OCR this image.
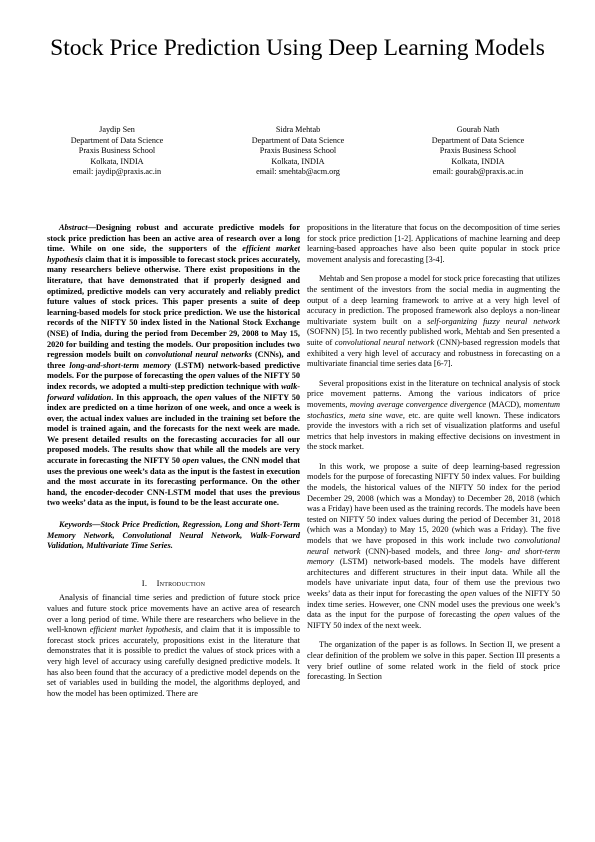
Stock Price Prediction Using Deep Learning Models
Jaydip Sen
Department of Data Science
Praxis Business School
Kolkata, INDIA
email: jaydip@praxis.ac.in
Sidra Mehtab
Department of Data Science
Praxis Business School
Kolkata, INDIA
email: smehtab@acm.org
Gourab Nath
Department of Data Science
Praxis Business School
Kolkata, INDIA
email: gourab@praxis.ac.in

Abstract—Designing robust and accurate predictive models for stock price prediction has been an active area of research over a long time. While on one side, the supporters of the efficient market hypothesis claim that it is impossible to forecast stock prices accurately, many researchers believe otherwise. There exist propositions in the literature, that have demonstrated that if properly designed and optimized, predictive models can very accurately and reliably predict future values of stock prices. This paper presents a suite of deep learning-based models for stock price prediction. We use the historical records of the NIFTY 50 index listed in the National Stock Exchange (NSE) of India, during the period from December 29, 2008 to May 15, 2020 for building and testing the models. Our proposition includes two regression models built on convolutional neural networks (CNNs), and three long-and-short-term memory (LSTM) network-based predictive models. For the purpose of forecasting the open values of the NIFTY 50 index records, we adopted a multi-step prediction technique with walk-forward validation. In this approach, the open values of the NIFTY 50 index are predicted on a time horizon of one week, and once a week is over, the actual index values are included in the training set before the model is trained again, and the forecasts for the next week are made. We present detailed results on the forecasting accuracies for all our proposed models. The results show that while all the models are very accurate in forecasting the NIFTY 50 open values, the CNN model that uses the previous one week’s data as the input is the fastest in execution and the most accurate in its forecasting performance. On the other hand, the encoder-decoder CNN-LSTM model that uses the previous two weeks’ data as the input, is found to be the least accurate one.

Keywords—Stock Price Prediction, Regression, Long and Short-Term Memory Network, Convolutional Neural Network, Walk-Forward Validation, Multivariate Time Series.

I. Introduction

Analysis of financial time series and prediction of future stock price values and future stock price movements have an active area of research over a long period of time. While there are researchers who believe in the well-known efficient market hypothesis, and claim that it is impossible to forecast stock prices accurately, propositions exist in the literature that demonstrates that it is possible to predict the values of stock prices with a very high level of accuracy using carefully designed predictive models. It has also been found that the accuracy of a predictive model depends on the set of variables used in building the model, the algorithms deployed, and how the model has been optimized. There are

propositions in the literature that focus on the decomposition of time series for stock price prediction [1-2]. Applications of machine learning and deep learning-based approaches have also been quite popular in stock price movement analysis and forecasting [3-4].

Mehtab and Sen propose a model for stock price forecasting that utilizes the sentiment of the investors from the social media in augmenting the output of a deep learning framework to arrive at a very high level of accuracy in prediction. The proposed framework also deploys a non-linear multivariate system built on a self-organizing fuzzy neural network (SOFNN) [5]. In two recently published work, Mehtab and Sen presented a suite of convolutional neural network (CNN)-based regression models that exhibited a very high level of accuracy and robustness in forecasting on a multivariate financial time series data [6-7].

Several propositions exist in the literature on technical analysis of stock price movement patterns. Among the various indicators of price movements, moving average convergence divergence (MACD), momentum stochastics, meta sine wave, etc. are quite well known. These indicators provide the investors with a rich set of visualization platforms and useful metrics that help investors in making effective decisions on investment in the stock market.

In this work, we propose a suite of deep learning-based regression models for the purpose of forecasting NIFTY 50 index values. For building the models, the historical values of the NIFTY 50 index for the period December 29, 2008 (which was a Monday) to December 28, 2018 (which was a Friday) have been used as the training records. The models have been tested on NIFTY 50 index values during the period of December 31, 2018 (which was a Monday) to May 15, 2020 (which was a Friday). The five models that we have proposed in this work include two convolutional neural network (CNN)-based models, and three long- and short-term memory (LSTM) network-based models. The models have different architectures and different structures in their input data. While all the models have univariate input data, four of them use the previous two weeks’ data as their input for forecasting the open values of the NIFTY 50 index time series. However, one CNN model uses the previous one week’s data as the input for the purpose of forecasting the open values of the NIFTY 50 index of the next week.

The organization of the paper is as follows. In Section II, we present a clear definition of the problem we solve in this paper. Section III presents a very brief outline of some related work in the field of stock price forecasting. In Section
